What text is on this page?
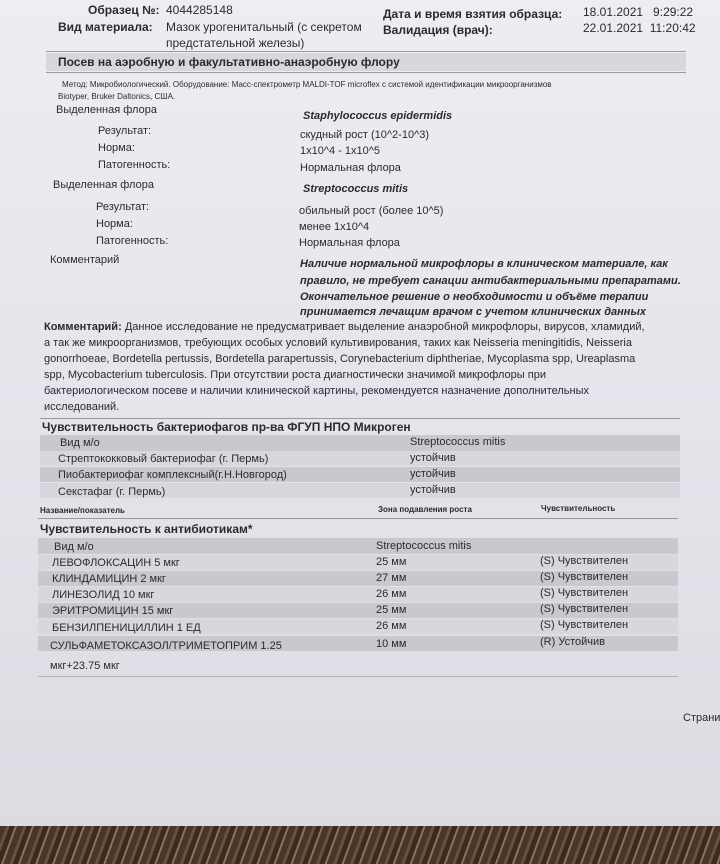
Образец №: 4044285148
Вид материала: Мазок урогенитальный (с секретом
предстательной железы)
Дата и время взятия образца: 18.01.2021   9:29:22
Валидация (врач):	22.01.2021  11:20:42
Посев на аэробную и факультативно-анаэробную флору
Метод: Микробиологический. Оборудование: Масс-спектрометр MALDI-TOF microflex с системой идентификации микроорганизмов
Biotyper, Bruker Daltonics, США.
Выделенная флора	Staphylococcus epidermidis
Результат:	скудный рост (10^2-10^3)
Норма:	1х10^4 - 1х10^5
Патогенность:	Нормальная флора
Выделенная флора	Streptococcus mitis
Результат:	обильный рост (более 10^5)
Норма:	менее 1х10^4
Патогенность:	Нормальная флора
Комментарий	Наличие нормальной микрофлоры в клиническом материале, как
правило, не требует санации антибактериальными препаратами.
Окончательное решение о необходимости и объёме терапии
принимается лечащим врачом с учетом клинических данных
Комментарий: Данное исследование не предусматривает выделение анаэробной микрофлоры, вирусов, хламидий,
а так же микроорганизмов, требующих особых условий культивирования, таких как Neisseria meningitidis, Neisseria
gonorrhoeae, Bordetella pertussis, Bordetella parapertussis, Corynebacterium diphtheriae, Mycoplasma spp, Ureaplasma
spp, Mycobacterium tuberculosis. При отсутствии роста диагностически значимой микрофлоры при
бактериологическом посеве и наличии клинической картины, рекомендуется назначение дополнительных
исследований.
Чувствительность бактериофагов пр-ва ФГУП НПО Микроген
Вид м/о	Streptococcus mitis
Стрептококковый бактериофаг (г. Пермь)	устойчив
Пиобактериофаг комплексный(г.Н.Новгород)	устойчив
Секстафаг (г. Пермь)	устойчив
Название/показатель	Зона подавления роста	Чувствительность
Чувствительность к антибиотикам*
Вид м/о	Streptococcus mitis
ЛЕВОФЛОКСАЦИН 5 мкг	25 мм	(S) Чувствителен
КЛИНДАМИЦИН 2 мкг	27 мм	(S) Чувствителен
ЛИНЕЗОЛИД 10 мкг	26 мм	(S) Чувствителен
ЭРИТРОМИЦИН 15 мкг	25 мм	(S) Чувствителен
БЕНЗИЛПЕНИЦИЛЛИН 1 ЕД	26 мм	(S) Чувствителен
СУЛЬФАМЕТОКСАЗОЛ/ТРИМЕТОПРИМ 1.25	10 мм	(R) Устойчив
мкг+23.75 мкг
Страни
